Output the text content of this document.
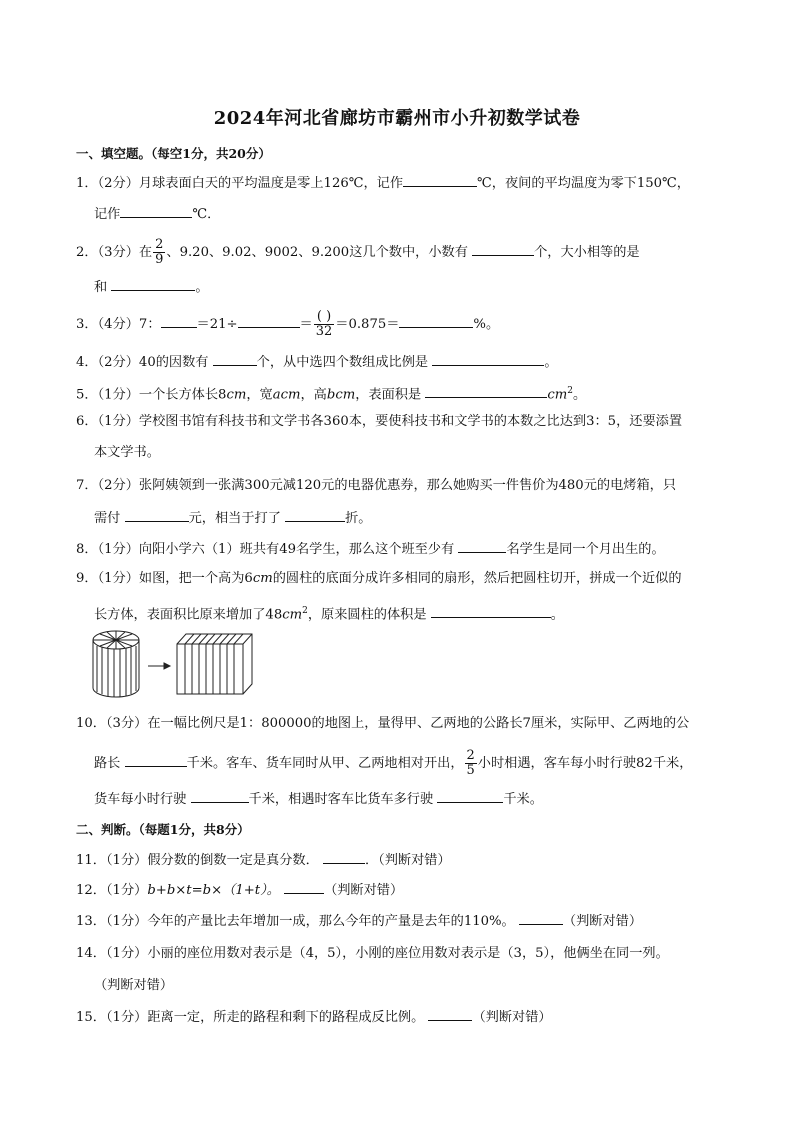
2024年河北省廊坊市霸州市小升初数学试卷
一、填空题。（每空1分，共20分）
1．（2分）月球表面白天的平均温度是零上126℃，记作	℃，夜间的平均温度为零下150℃，
记作	℃．
2．（3分）在 $\frac{2}{9}$ 、9.20、9.02、9002、9.200这几个数中，小数有	个，大小相等的是
和	。
3．（4分）7：	＝21÷	＝ $\frac{( )}{32} =0.875=$	%。
4．（2分）40的因数有	个，从中选四个数组成比例是	。
5．（1分）一个长方体长8cm，宽acm，高bcm，表面积是	$cm^2$。
6．（1分）学校图书馆有科技书和文学书各360本，要使科技书和文学书的本数之比达到3：5，还要添置
本文学书。
7．（2分）张阿姨领到一张满300元减120元的电器优惠券，那么她购买一件售价为480元的电烤箱，只
需付	元，相当于打了	折。
8．（1分）向阳小学六（1）班共有49名学生，那么这个班至少有	名学生是同一个月出生的。
9．（1分）如图，把一个高为6cm的圆柱的底面分成许多相同的扇形，然后把圆柱切开，拼成一个近似的
长方体，表面积比原来增加了$48cm^2$，原来圆柱的体积是	。
10．（3分）在一幅比例尺是1：800000的地图上，量得甲、乙两地的公路长7厘米，实际甲、乙两地的公
路长	千米。客车、货车同时从甲、乙两地相对开出， $\frac{2}{5}$ 小时相遇，客车每小时行驶82千米，
货车每小时行驶	千米，相遇时客车比货车多行驶	千米。
二、判断。（每题1分，共8分）
11．（1分）假分数的倒数一定是真分数．	．（判断对错）
12．（1分）b+b×t=b×（1+t）。	（判断对错）
13．（1分）今年的产量比去年增加一成，那么今年的产量是去年的110%。	（判断对错）
14．（1分）小丽的座位用数对表示是（4，5），小刚的座位用数对表示是（3，5），他俩坐在同一列。
（判断对错）
15．（1分）距离一定，所走的路程和剩下的路程成反比例。	（判断对错）
